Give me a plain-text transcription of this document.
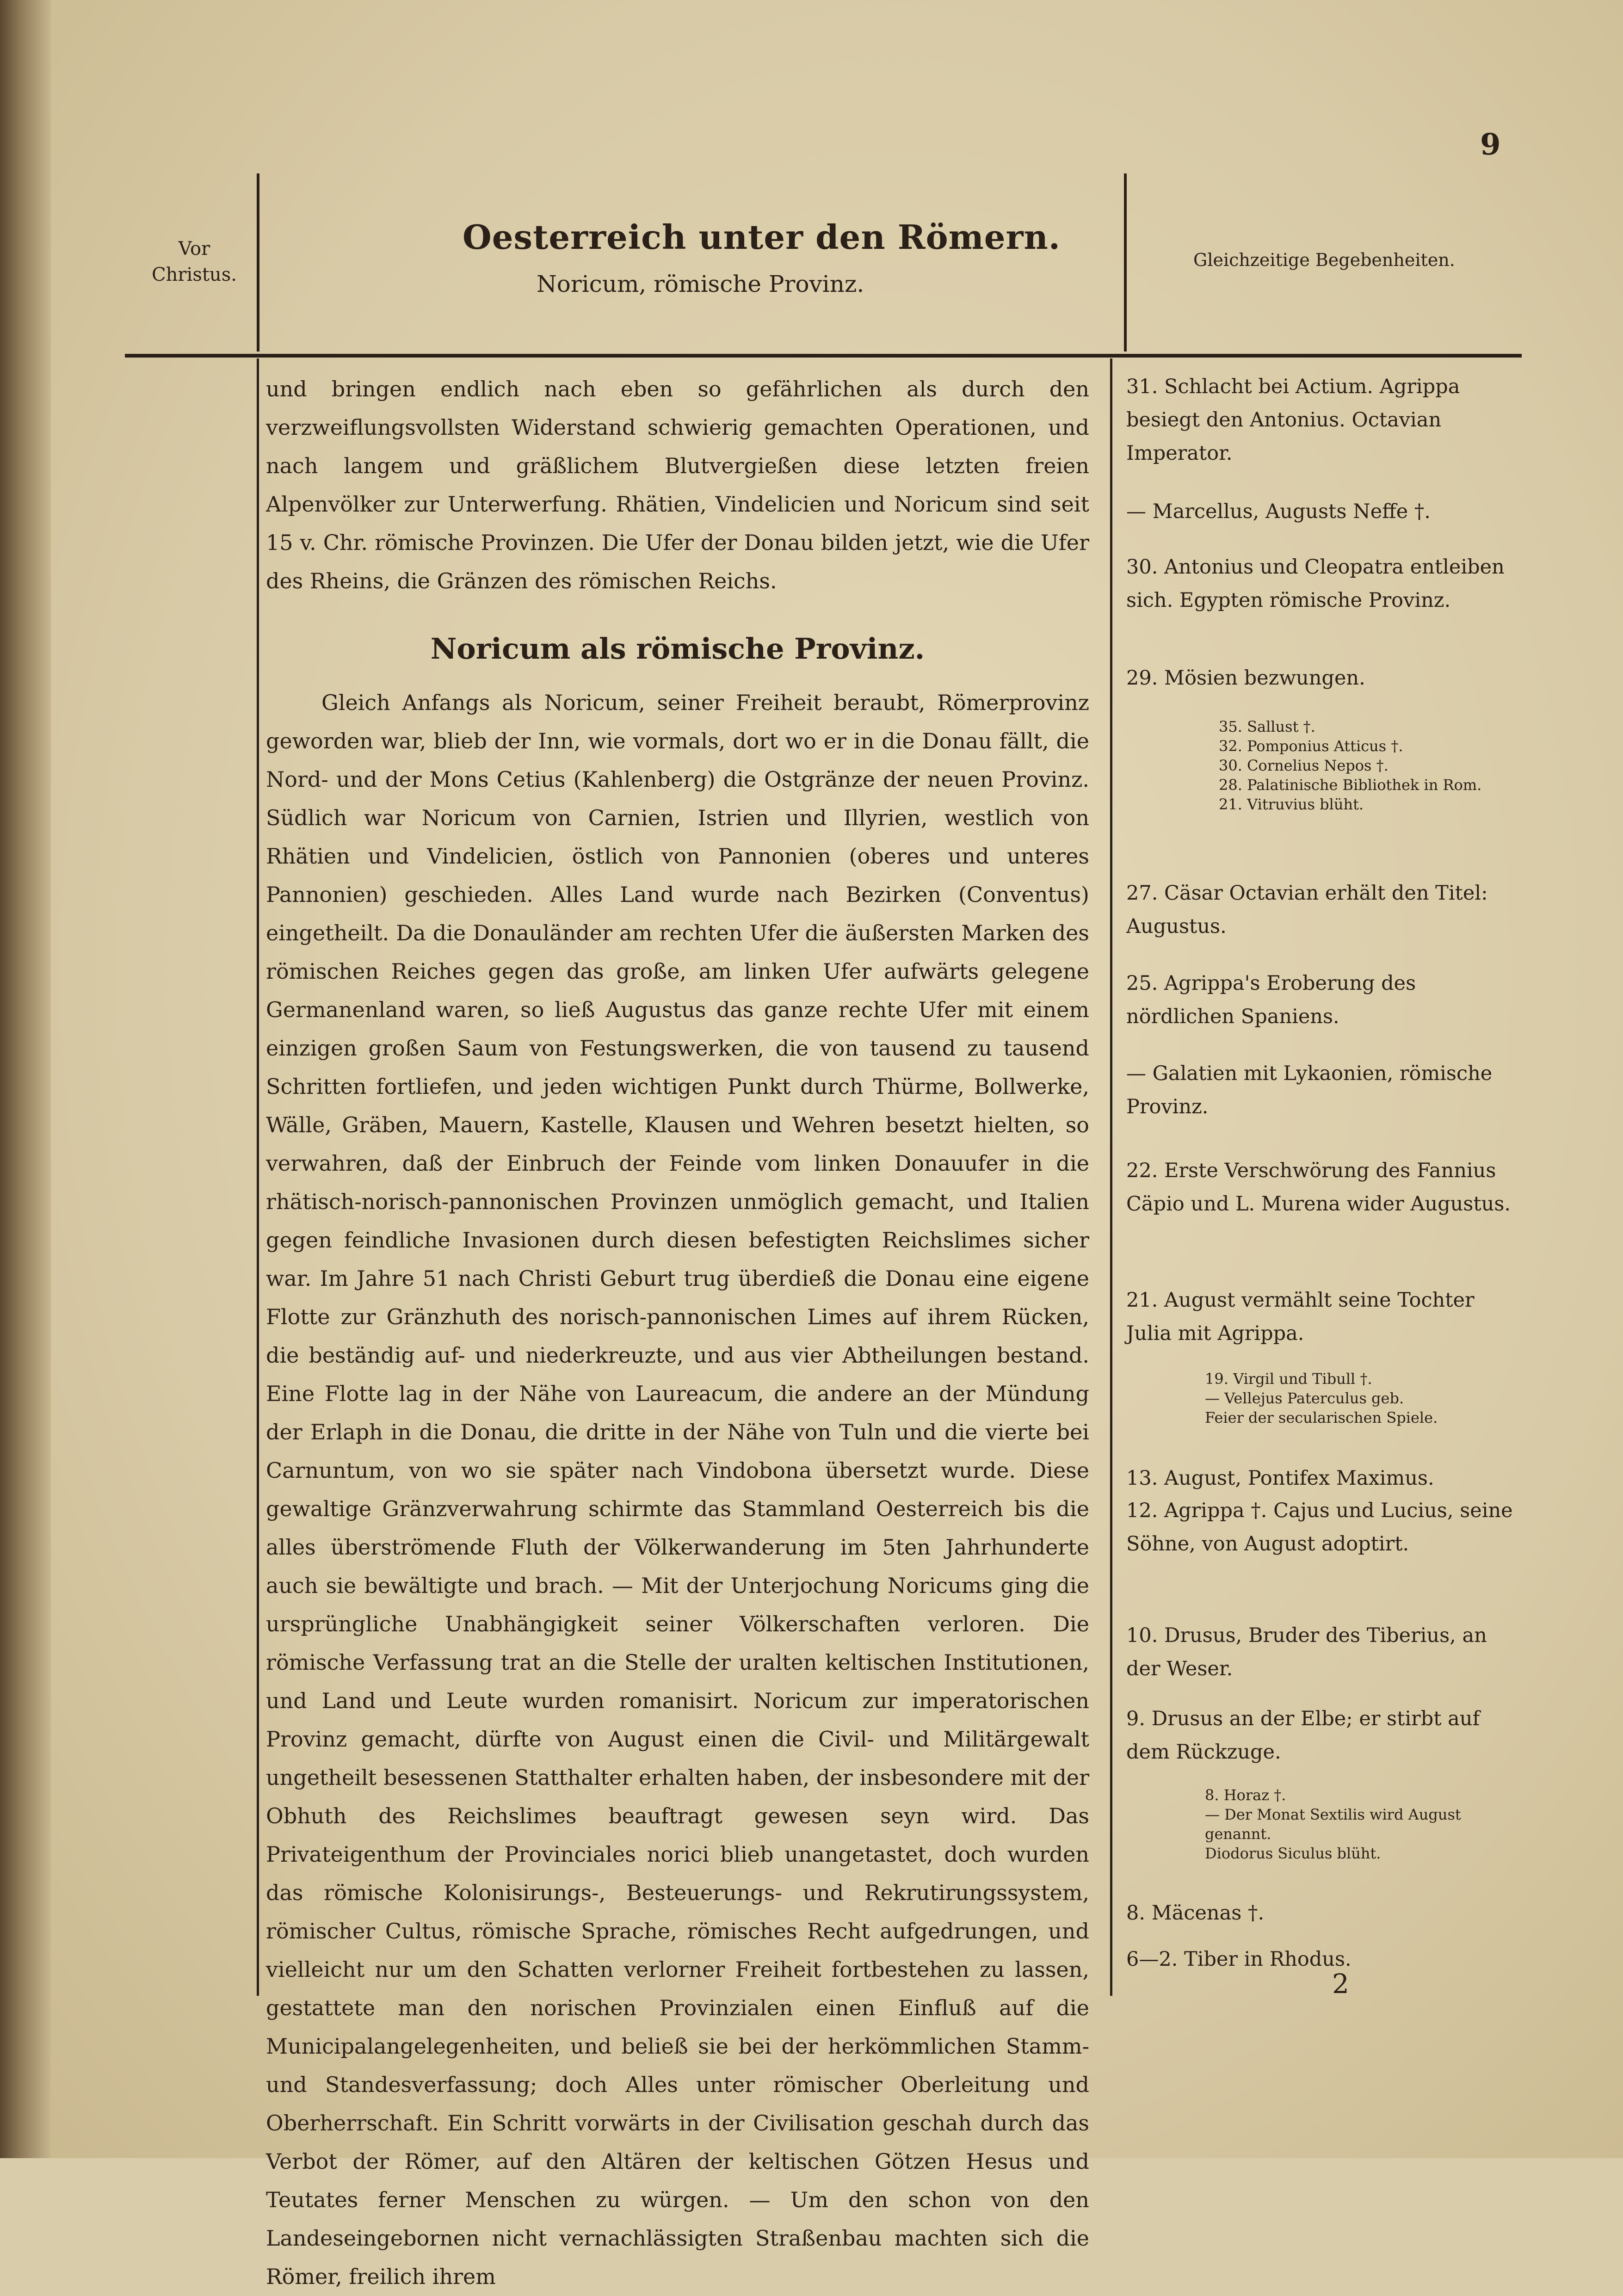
9
Vor
Christus.
Oesterreich unter den Römern.
Noricum, römische Provinz.
Gleichzeitige Begebenheiten.

und bringen endlich nach eben so gefährlichen als durch den verzweiflungsvollsten Widerstand schwierig gemachten Operationen, und nach langem und gräßlichem Blutvergießen diese letzten freien Alpenvölker zur Unterwerfung. Rhätien, Vindelicien und Noricum sind seit 15 v. Chr. römische Provinzen. Die Ufer der Donau bilden jetzt, wie die Ufer des Rheins, die Gränzen des römischen Reichs.

Noricum als römische Provinz.

Gleich Anfangs als Noricum, seiner Freiheit beraubt, Römerprovinz geworden war, blieb der Inn, wie vormals, dort wo er in die Donau fällt, die Nord- und der Mons Cetius (Kahlenberg) die Ostgränze der neuen Provinz. Südlich war Noricum von Carnien, Istrien und Illyrien, westlich von Rhätien und Vindelicien, östlich von Pannonien (oberes und unteres Pannonien) geschieden. Alles Land wurde nach Bezirken (Conventus) eingetheilt. Da die Donauländer am rechten Ufer die äußersten Marken des römischen Reiches gegen das große, am linken Ufer aufwärts gelegene Germanenland waren, so ließ Augustus das ganze rechte Ufer mit einem einzigen großen Saum von Festungswerken, die von tausend zu tausend Schritten fortliefen, und jeden wichtigen Punkt durch Thürme, Bollwerke, Wälle, Gräben, Mauern, Kastelle, Klausen und Wehren besetzt hielten, so verwahren, daß der Einbruch der Feinde vom linken Donauufer in die rhätisch-norisch-pannonischen Provinzen unmöglich gemacht, und Italien gegen feindliche Invasionen durch diesen befestigten Reichslimes sicher war. Im Jahre 51 nach Christi Geburt trug überdieß die Donau eine eigene Flotte zur Gränzhuth des norisch-pannonischen Limes auf ihrem Rücken, die beständig auf- und niederkreuzte, und aus vier Abtheilungen bestand. Eine Flotte lag in der Nähe von Laureacum, die andere an der Mündung der Erlaph in die Donau, die dritte in der Nähe von Tuln und die vierte bei Carnuntum, von wo sie später nach Vindobona übersetzt wurde. Diese gewaltige Gränzverwahrung schirmte das Stammland Oesterreich bis die alles überströmende Fluth der Völkerwanderung im 5ten Jahrhunderte auch sie bewältigte und brach. — Mit der Unterjochung Noricums ging die ursprüngliche Unabhängigkeit seiner Völkerschaften verloren. Die römische Verfassung trat an die Stelle der uralten keltischen Institutionen, und Land und Leute wurden romanisirt. Noricum zur imperatorischen Provinz gemacht, dürfte von August einen die Civil- und Militärgewalt ungetheilt besessenen Statthalter erhalten haben, der insbesondere mit der Obhuth des Reichslimes beauftragt gewesen seyn wird. Das Privateigenthum der Provinciales norici blieb unangetastet, doch wurden das römische Kolonisirungs-, Besteuerungs- und Rekrutirungssystem, römischer Cultus, römische Sprache, römisches Recht aufgedrungen, und vielleicht nur um den Schatten verlorner Freiheit fortbestehen zu lassen, gestattete man den norischen Provinzialen einen Einfluß auf die Municipalangelegenheiten, und beließ sie bei der herkömmlichen Stamm- und Standesverfassung; doch Alles unter römischer Oberleitung und Oberherrschaft. Ein Schritt vorwärts in der Civilisation geschah durch das Verbot der Römer, auf den Altären der keltischen Götzen Hesus und Teutates ferner Menschen zu würgen. — Um den schon von den Landeseingebornen nicht vernachlässigten Straßenbau machten sich die Römer, freilich ihrem

31. Schlacht bei Actium. Agrippa besiegt den Antonius. Octavian Imperator.
— Marcellus, Augusts Neffe †.
30. Antonius und Cleopatra entleiben sich. Egypten römische Provinz.
29. Mösien bezwungen.
35. Sallust †.
32. Pomponius Atticus †.
30. Cornelius Nepos †.
28. Palatinische Bibliothek in Rom.
21. Vitruvius blüht.
27. Cäsar Octavian erhält den Titel: Augustus.
25. Agrippa's Eroberung des nördlichen Spaniens.
— Galatien mit Lykaonien, römische Provinz.
22. Erste Verschwörung des Fannius Cäpio und L. Murena wider Augustus.
21. August vermählt seine Tochter Julia mit Agrippa.
19. Virgil und Tibull †.
— Vellejus Paterculus geb.
Feier der secularischen Spiele.
13. August, Pontifex Maximus.
12. Agrippa †. Cajus und Lucius, seine Söhne, von August adoptirt.
10. Drusus, Bruder des Tiberius, an der Weser.
9. Drusus an der Elbe; er stirbt auf dem Rückzuge.
8. Horaz †.
— Der Monat Sextilis wird August genannt.
Diodorus Siculus blüht.
8. Mäcenas †.
6—2. Tiber in Rhodus.
2
